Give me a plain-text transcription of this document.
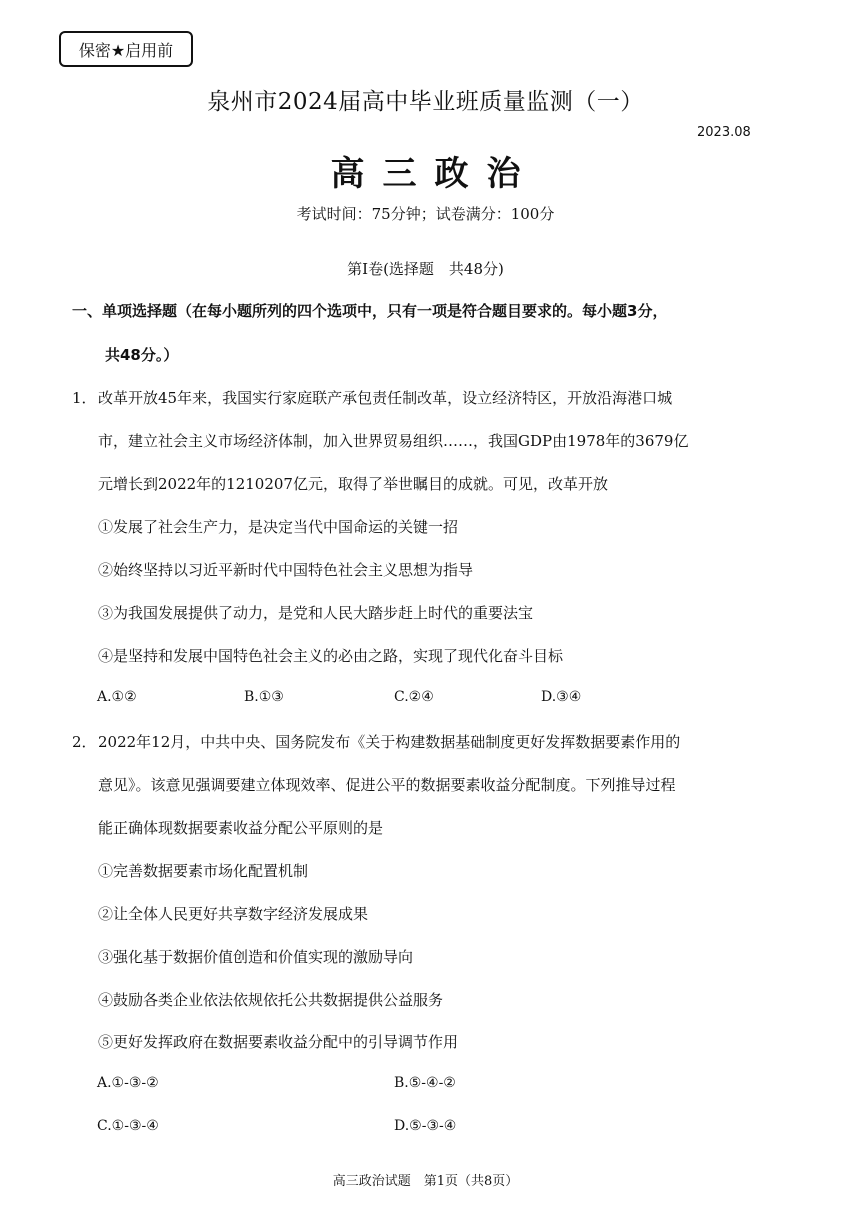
保密★启用前
泉州市2024届高中毕业班质量监测（一）
2023.08
高三政治
考试时间：75分钟；试卷满分：100分
第Ⅰ卷(选择题　共48分)
一、单项选择题（在每小题所列的四个选项中，只有一项是符合题目要求的。每小题3分，
共48分。）
1． 改革开放45年来，我国实行家庭联产承包责任制改革，设立经济特区，开放沿海港口城
市，建立社会主义市场经济体制，加入世界贸易组织……，我国GDP由1978年的3679亿
元增长到2022年的1210207亿元，取得了举世瞩目的成就。可见，改革开放
①发展了社会生产力，是决定当代中国命运的关键一招
②始终坚持以习近平新时代中国特色社会主义思想为指导
③为我国发展提供了动力，是党和人民大踏步赶上时代的重要法宝
④是坚持和发展中国特色社会主义的必由之路，实现了现代化奋斗目标
A.①②	B.①③	C.②④	D.③④
2． 2022年12月，中共中央、国务院发布《关于构建数据基础制度更好发挥数据要素作用的
意见》。该意见强调要建立体现效率、促进公平的数据要素收益分配制度。下列推导过程
能正确体现数据要素收益分配公平原则的是
①完善数据要素市场化配置机制
②让全体人民更好共享数字经济发展成果
③强化基于数据价值创造和价值实现的激励导向
④鼓励各类企业依法依规依托公共数据提供公益服务
⑤更好发挥政府在数据要素收益分配中的引导调节作用
A.①-③-②	B.⑤-④-②
C.①-③-④	D.⑤-③-④
高三政治试题　第1页（共8页）
